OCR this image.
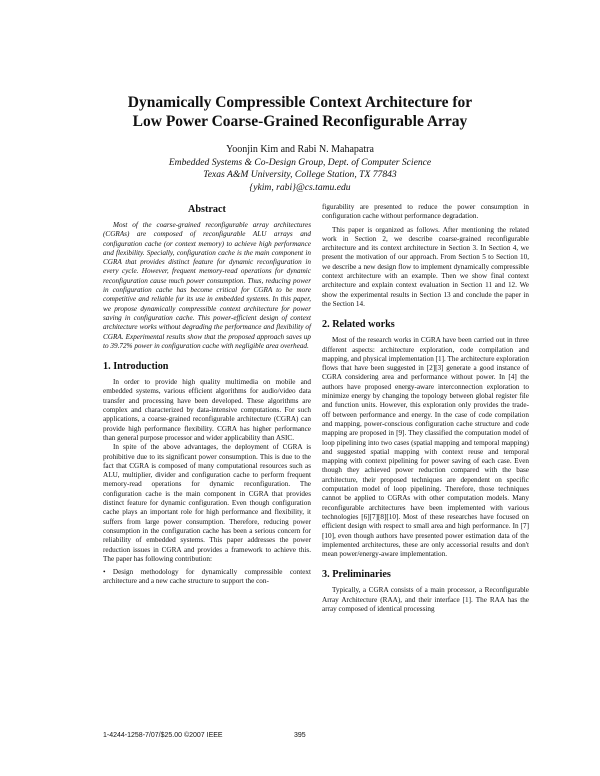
Dynamically Compressible Context Architecture for
Low Power Coarse-Grained Reconfigurable Array
Yoonjin Kim and Rabi N. Mahapatra
Embedded Systems & Co-Design Group, Dept. of Computer Science
Texas A&M University, College Station, TX 77843
{ykim, rabi}@cs.tamu.edu
Abstract

Most of the coarse-grained reconfigurable array architectures (CGRAs) are composed of reconfigurable ALU arrays and configuration cache (or context memory) to achieve high performance and flexibility. Specially, configuration cache is the main component in CGRA that provides distinct feature for dynamic reconfiguration in every cycle. However, frequent memory-read operations for dynamic reconfiguration cause much power consumption. Thus, reducing power in configuration cache has become critical for CGRA to be more competitive and reliable for its use in embedded systems. In this paper, we propose dynamically compressible context architecture for power saving in configuration cache. This power-efficient design of context architecture works without degrading the performance and flexibility of CGRA. Experimental results show that the proposed approach saves up to 39.72% power in configuration cache with negligible area overhead.

1. Introduction

In order to provide high quality multimedia on mobile and embedded systems, various efficient algorithms for audio/video data transfer and processing have been developed. These algorithms are complex and characterized by data-intensive computations. For such applications, a coarse-grained reconfigurable architecture (CGRA) can provide high performance flexibility. CGRA has higher performance than general purpose processor and wider applicability than ASIC.

In spite of the above advantages, the deployment of CGRA is prohibitive due to its significant power consumption. This is due to the fact that CGRA is composed of many computational resources such as ALU, multiplier, divider and configuration cache to perform frequent memory-read operations for dynamic reconfiguration. The configuration cache is the main component in CGRA that provides distinct feature for dynamic configuration. Even though configuration cache plays an important role for high performance and flexibility, it suffers from large power consumption. Therefore, reducing power consumption in the configuration cache has been a serious concern for reliability of embedded systems. This paper addresses the power reduction issues in CGRA and provides a framework to achieve this. The paper has following contribution:

• Design methodology for dynamically compressible context architecture and a new cache structure to support the con-

figurability are presented to reduce the power consumption in configuration cache without performance degradation.

This paper is organized as follows. After mentioning the related work in Section 2, we describe coarse-grained reconfigurable architecture and its context architecture in Section 3. In Section 4, we present the motivation of our approach. From Section 5 to Section 10, we describe a new design flow to implement dynamically compressible context architecture with an example. Then we show final context architecture and explain context evaluation in Section 11 and 12. We show the experimental results in Section 13 and conclude the paper in the Section 14.

2. Related works

Most of the research works in CGRA have been carried out in three different aspects: architecture exploration, code compilation and mapping, and physical implementation [1]. The architecture exploration flows that have been suggested in [2][3] generate a good instance of CGRA considering area and performance without power. In [4] the authors have proposed energy-aware interconnection exploration to minimize energy by changing the topology between global register file and function units. However, this exploration only provides the trade-off between performance and energy. In the case of code compilation and mapping, power-conscious configuration cache structure and code mapping are proposed in [9]. They classified the computation model of loop pipelining into two cases (spatial mapping and temporal mapping) and suggested spatial mapping with context reuse and temporal mapping with context pipelining for power saving of each case. Even though they achieved power reduction compared with the base architecture, their proposed techniques are dependent on specific computation model of loop pipelining. Therefore, those techniques cannot be applied to CGRAs with other computation models. Many reconfigurable architectures have been implemented with various technologies [6][7][8][10]. Most of these researches have focused on efficient design with respect to small area and high performance. In [7][10], even though authors have presented power estimation data of the implemented architectures, these are only accessorial results and don't mean power/energy-aware implementation.

3. Preliminaries

Typically, a CGRA consists of a main processor, a Reconfigurable Array Architecture (RAA), and their interface [1]. The RAA has the array composed of identical processing

1-4244-1258-7/07/$25.00 ©2007 IEEE	395
